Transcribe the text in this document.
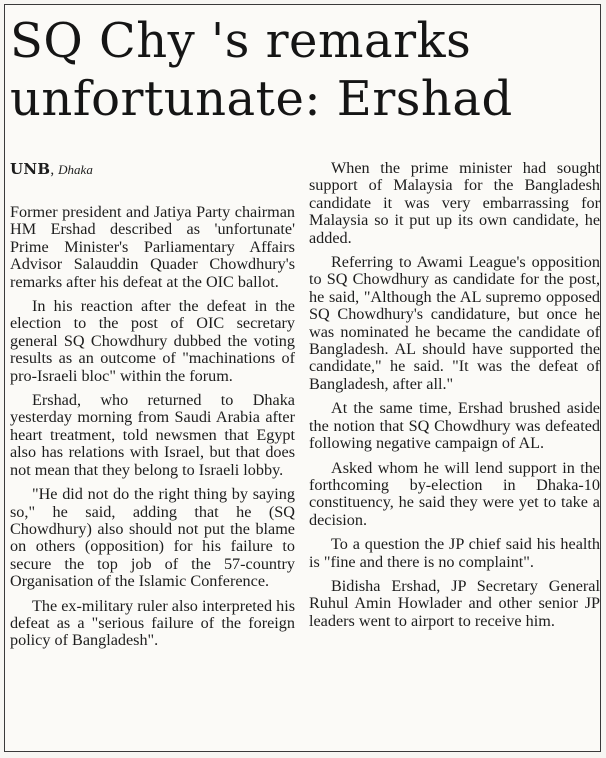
SQ Chy 's remarks unfortunate: Ershad
UNB, Dhaka

Former president and Jatiya Party chairman HM Ershad described as 'unfortunate' Prime Minister's Parliamentary Affairs Advisor Salauddin Quader Chowdhury's remarks after his defeat at the OIC ballot.

In his reaction after the defeat in the election to the post of OIC secretary general SQ Chowdhury dubbed the voting results as an outcome of "machinations of pro-Israeli bloc" within the forum.

Ershad, who returned to Dhaka yesterday morning from Saudi Arabia after heart treatment, told newsmen that Egypt also has relations with Israel, but that does not mean that they belong to Israeli lobby.

"He did not do the right thing by saying so," he said, adding that he (SQ Chowdhury) also should not put the blame on others (opposition) for his failure to secure the top job of the 57-country Organisation of the Islamic Conference.

The ex-military ruler also interpreted his defeat as a "serious failure of the foreign policy of Bangladesh".

When the prime minister had sought support of Malaysia for the Bangladesh candidate it was very embarrassing for Malaysia so it put up its own candidate, he added.

Referring to Awami League's opposition to SQ Chowdhury as candidate for the post, he said, "Although the AL supremo opposed SQ Chowdhury's candidature, but once he was nominated he became the candidate of Bangladesh. AL should have supported the candidate," he said. "It was the defeat of Bangladesh, after all."

At the same time, Ershad brushed aside the notion that SQ Chowdhury was defeated following negative campaign of AL.

Asked whom he will lend support in the forthcoming by-election in Dhaka-10 constituency, he said they were yet to take a decision.

To a question the JP chief said his health is "fine and there is no complaint".

Bidisha Ershad, JP Secretary General Ruhul Amin Howlader and other senior JP leaders went to airport to receive him.
